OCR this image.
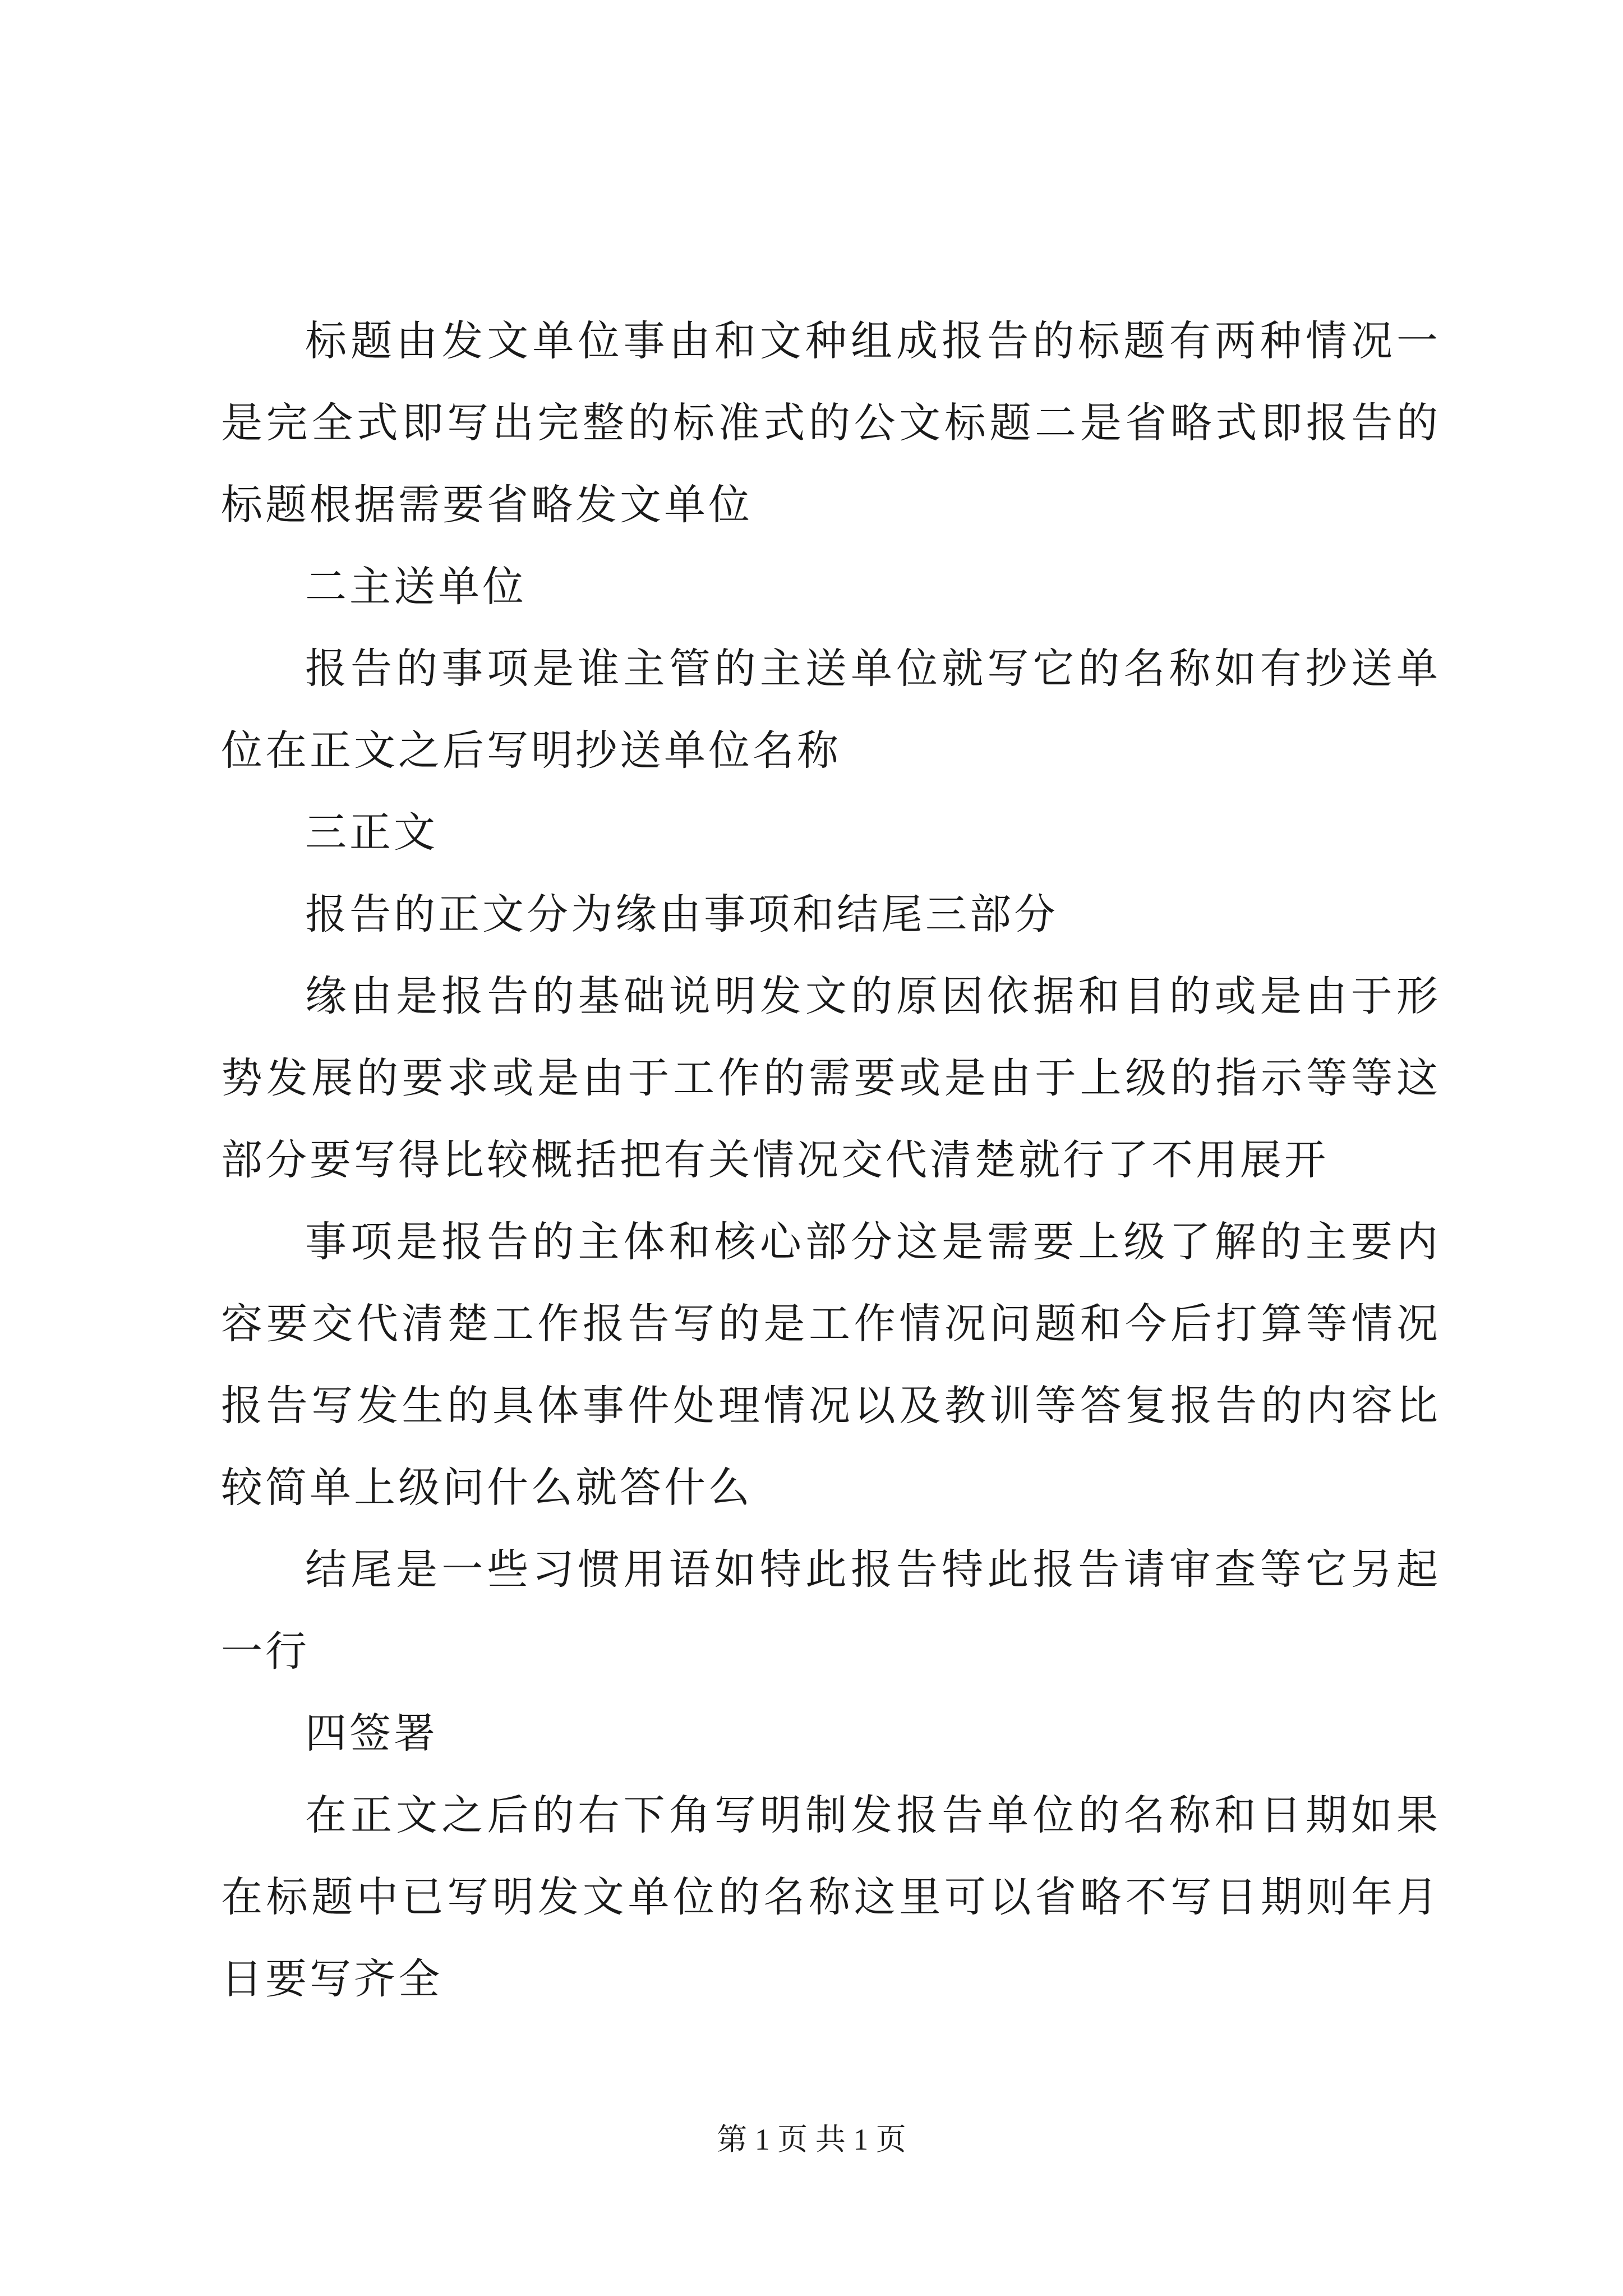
标题由发文单位事由和文种组成报告的标题有两种情况一是完全式即写出完整的标准式的公文标题二是省略式即报告的标题根据需要省略发文单位

二主送单位

报告的事项是谁主管的主送单位就写它的名称如有抄送单位在正文之后写明抄送单位名称

三正文

报告的正文分为缘由事项和结尾三部分

缘由是报告的基础说明发文的原因依据和目的或是由于形势发展的要求或是由于工作的需要或是由于上级的指示等等这部分要写得比较概括把有关情况交代清楚就行了不用展开

事项是报告的主体和核心部分这是需要上级了解的主要内容要交代清楚工作报告写的是工作情况问题和今后打算等情况报告写发生的具体事件处理情况以及教训等答复报告的内容比较简单上级问什么就答什么

结尾是一些习惯用语如特此报告特此报告请审查等它另起一行

四签署

在正文之后的右下角写明制发报告单位的名称和日期如果在标题中已写明发文单位的名称这里可以省略不写日期则年月日要写齐全

第 1 页 共 1 页
